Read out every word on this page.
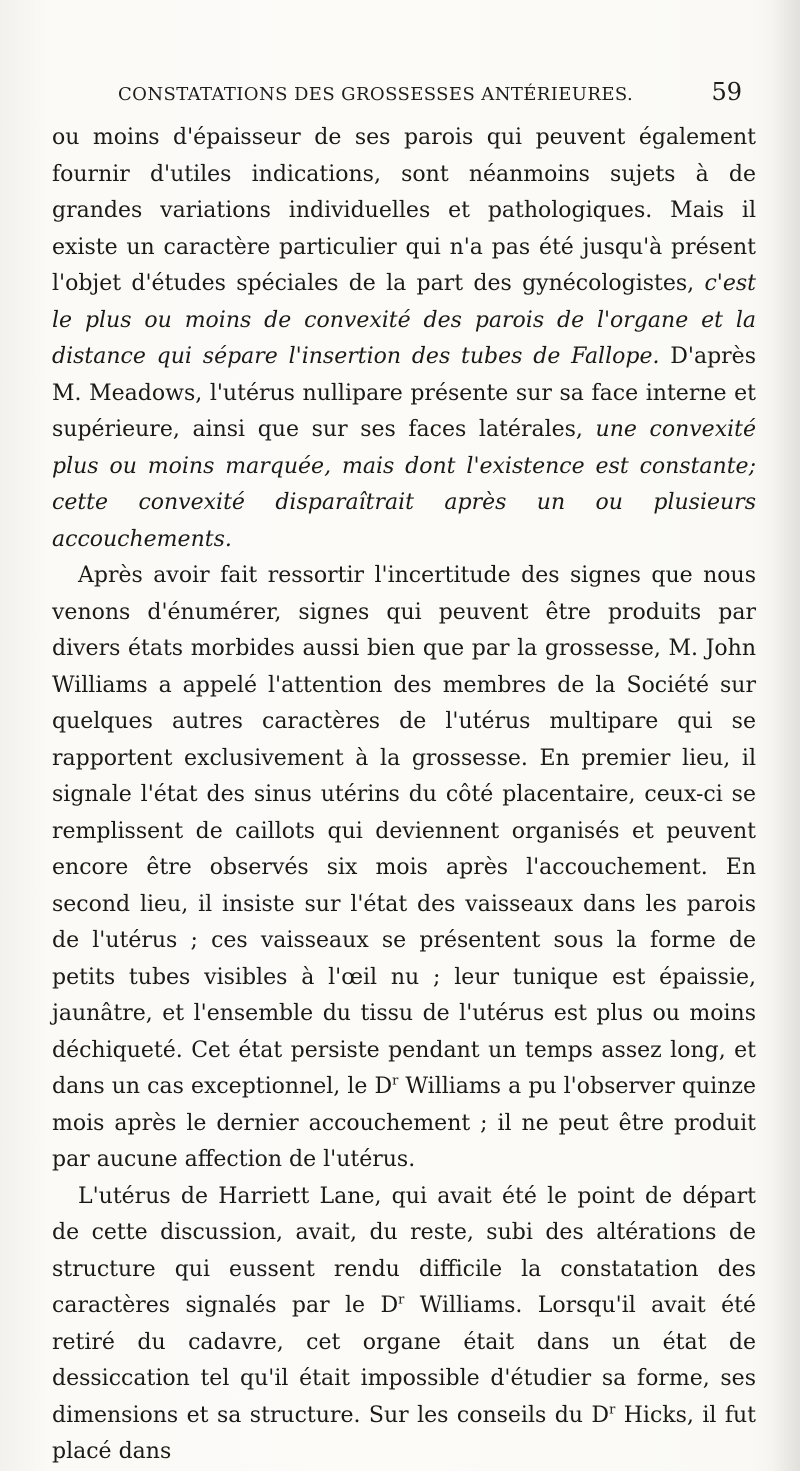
CONSTATATIONS DES GROSSESSES ANTÉRIEURES.	59

ou moins d'épaisseur de ses parois qui peuvent également fournir d'utiles indications, sont néanmoins sujets à de grandes variations individuelles et pathologiques. Mais il existe un caractère particulier qui n'a pas été jusqu'à présent l'objet d'études spéciales de la part des gynécologistes, c'est le plus ou moins de convexité des parois de l'organe et la distance qui sépare l'insertion des tubes de Fallope. D'après M. Meadows, l'utérus nullipare présente sur sa face interne et supérieure, ainsi que sur ses faces latérales, une convexité plus ou moins marquée, mais dont l'existence est constante; cette convexité disparaîtrait après un ou plusieurs accouchements.

Après avoir fait ressortir l'incertitude des signes que nous venons d'énumérer, signes qui peuvent être produits par divers états morbides aussi bien que par la grossesse, M. John Williams a appelé l'attention des membres de la Société sur quelques autres caractères de l'utérus multipare qui se rapportent exclusivement à la grossesse. En premier lieu, il signale l'état des sinus utérins du côté placentaire, ceux-ci se remplissent de caillots qui deviennent organisés et peuvent encore être observés six mois après l'accouchement. En second lieu, il insiste sur l'état des vaisseaux dans les parois de l'utérus ; ces vaisseaux se présentent sous la forme de petits tubes visibles à l'œil nu ; leur tunique est épaissie, jaunâtre, et l'ensemble du tissu de l'utérus est plus ou moins déchiqueté. Cet état persiste pendant un temps assez long, et dans un cas exceptionnel, le $D^r$ Williams a pu l'observer quinze mois après le dernier accouchement ; il ne peut être produit par aucune affection de l'utérus.

L'utérus de Harriett Lane, qui avait été le point de départ de cette discussion, avait, du reste, subi des altérations de structure qui eussent rendu difficile la constatation des caractères signalés par le $D^r$ Williams. Lorsqu'il avait été retiré du cadavre, cet organe était dans un état de dessiccation tel qu'il était impossible d'étudier sa forme, ses dimensions et sa structure. Sur les conseils du $D^r$ Hicks, il fut placé dans
